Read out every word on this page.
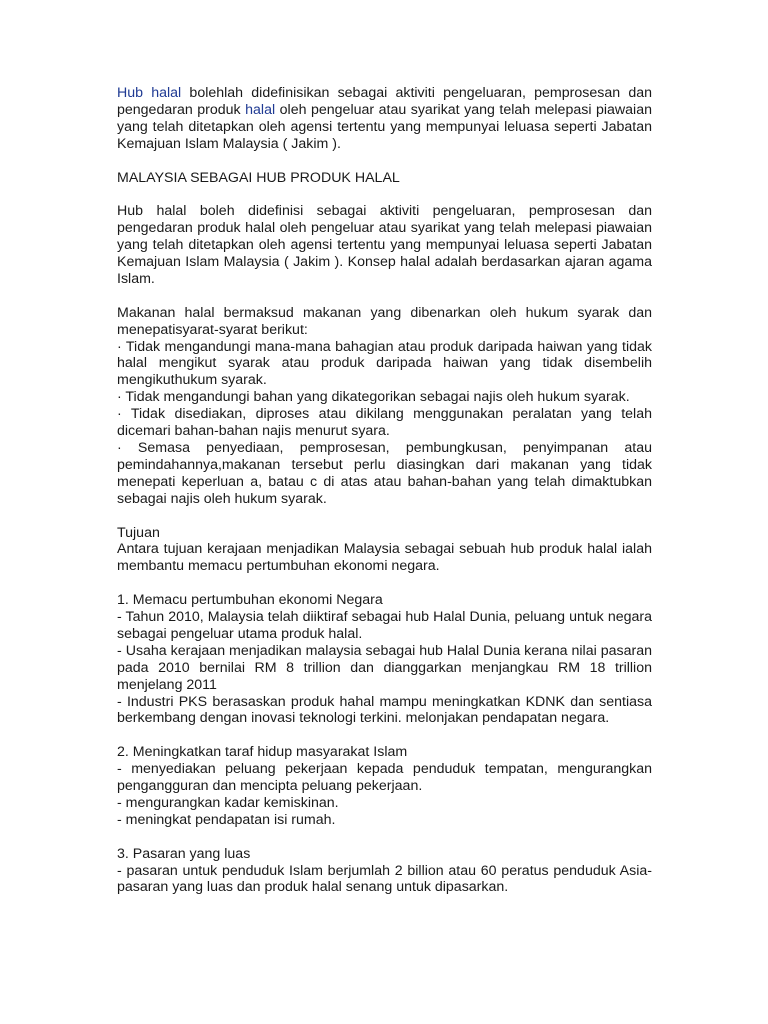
Hub halal bolehlah didefinisikan sebagai aktiviti pengeluaran, pemprosesan dan pengedaran produk halal oleh pengeluar atau syarikat yang telah melepasi piawaian yang telah ditetapkan oleh agensi tertentu yang mempunyai leluasa seperti Jabatan Kemajuan Islam Malaysia ( Jakim ).

MALAYSIA SEBAGAI HUB PRODUK HALAL

Hub halal boleh didefinisi sebagai aktiviti pengeluaran, pemprosesan dan pengedaran produk halal oleh pengeluar atau syarikat yang telah melepasi piawaian yang telah ditetapkan oleh agensi tertentu yang mempunyai leluasa seperti Jabatan Kemajuan Islam Malaysia ( Jakim ). Konsep halal adalah berdasarkan ajaran agama Islam.

Makanan halal bermaksud makanan yang dibenarkan oleh hukum syarak dan menepatisyarat-syarat berikut:
· Tidak mengandungi mana-mana bahagian atau produk daripada haiwan yang tidak halal mengikut syarak atau produk daripada haiwan yang tidak disembelih mengikuthukum syarak.
· Tidak mengandungi bahan yang dikategorikan sebagai najis oleh hukum syarak.
· Tidak disediakan, diproses atau dikilang menggunakan peralatan yang telah dicemari bahan-bahan najis menurut syara.
· Semasa penyediaan, pemprosesan, pembungkusan, penyimpanan atau pemindahannya,makanan tersebut perlu diasingkan dari makanan yang tidak menepati keperluan a, batau c di atas atau bahan-bahan yang telah dimaktubkan sebagai najis oleh hukum syarak.
Tujuan
Antara tujuan kerajaan menjadikan Malaysia sebagai sebuah hub produk halal ialah membantu memacu pertumbuhan ekonomi negara.
1. Memacu pertumbuhan ekonomi Negara
- Tahun 2010, Malaysia telah diiktiraf sebagai hub Halal Dunia, peluang untuk negara sebagai pengeluar utama produk halal.
- Usaha kerajaan menjadikan malaysia sebagai hub Halal Dunia kerana nilai pasaran pada 2010 bernilai RM 8 trillion dan dianggarkan menjangkau RM 18 trillion menjelang 2011
- Industri PKS berasaskan produk hahal mampu meningkatkan KDNK dan sentiasa berkembang dengan inovasi teknologi terkini. melonjakan pendapatan negara.
2. Meningkatkan taraf hidup masyarakat Islam
- menyediakan peluang pekerjaan kepada penduduk tempatan, mengurangkan pengangguran dan mencipta peluang pekerjaan.
- mengurangkan kadar kemiskinan.
- meningkat pendapatan isi rumah.
3. Pasaran yang luas
- pasaran untuk penduduk Islam berjumlah 2 billion atau 60 peratus penduduk Asia- pasaran yang luas dan produk halal senang untuk dipasarkan.
